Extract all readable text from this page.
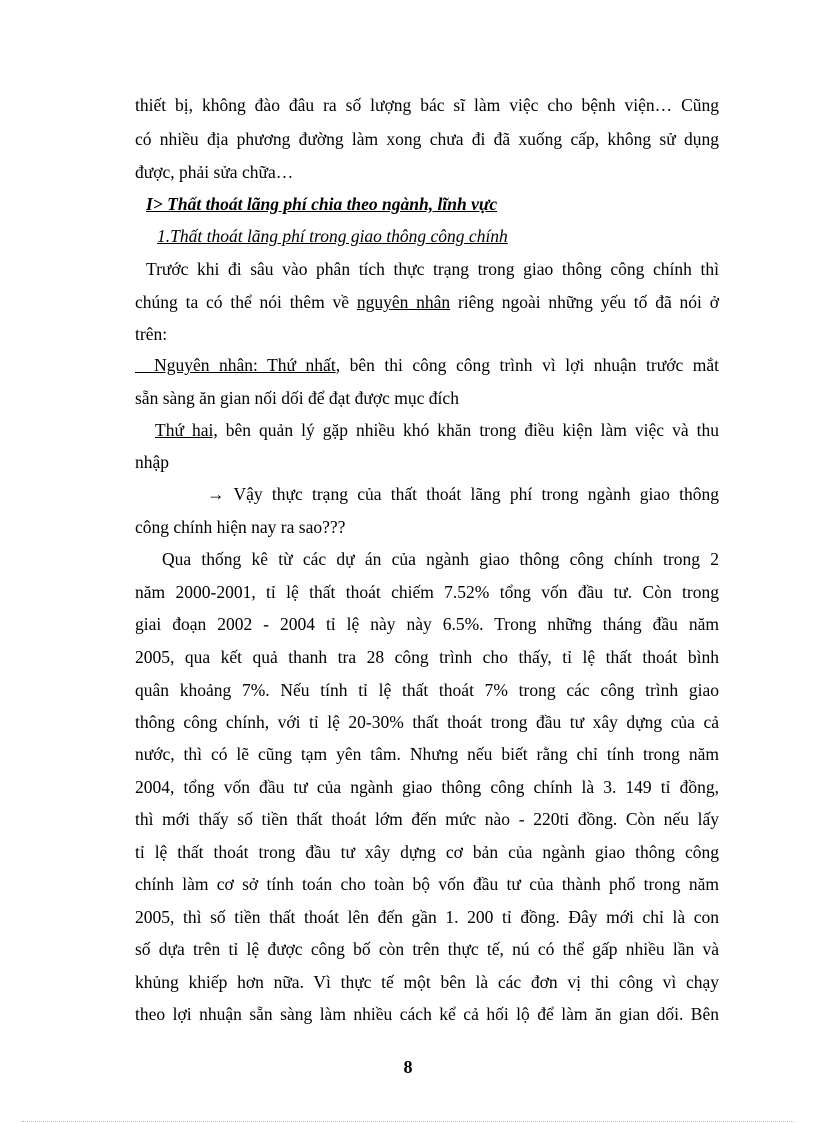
thiết bị, không đào đâu ra số lượng bác sĩ làm việc cho bệnh viện… Cũng
có nhiều địa phương đường làm xong chưa đi đã xuống cấp, không sử dụng
được, phải sửa chữa…
I> Thất thoát lãng phí chia theo ngành, lĩnh vực
1.Thất thoát lãng phí trong giao thông công chính
Trước khi đi sâu vào phân tích thực trạng trong giao thông công chính thì
chúng ta có thể nói thêm về nguyên nhân riêng ngoài những yếu tố đã nói ở
trên:
Nguyên nhân: Thứ nhất, bên thi công công trình vì lợi nhuận trước mắt
sẵn sàng ăn gian nối dối để đạt được mục đích
Thứ hai, bên quản lý gặp nhiều khó khăn trong điều kiện làm việc và thu
nhập
→ Vậy thực trạng của thất thoát lãng phí trong ngành giao thông
công chính hiện nay ra sao???
Qua thống kê từ các dự án của ngành giao thông công chính trong 2
năm 2000-2001, tỉ lệ thất thoát chiếm 7.52% tổng vốn đầu tư. Còn trong
giai đoạn 2002 - 2004 tỉ lệ này này 6.5%. Trong những tháng đầu năm
2005, qua kết quả thanh tra 28 công trình cho thấy, tỉ lệ thất thoát bình
quân khoảng 7%. Nếu tính tỉ lệ thất thoát 7% trong các công trình giao
thông công chính, với tỉ lệ 20-30% thất thoát trong đầu tư xây dựng của cả
nước, thì có lẽ cũng tạm yên tâm. Nhưng nếu biết rằng chỉ tính trong năm
2004, tổng vốn đầu tư của ngành giao thông công chính là 3. 149 tỉ đồng,
thì mới thấy số tiền thất thoát lớm đến mức nào - 220tỉ đồng. Còn nếu lấy
tỉ lệ thất thoát trong đầu tư xây dựng cơ bản của ngành giao thông công
chính làm cơ sở tính toán cho toàn bộ vốn đầu tư của thành phố trong năm
2005, thì số tiền thất thoát lên đến gần 1. 200 tỉ đồng. Đây mới chỉ là con
số dựa trên tỉ lệ được công bố còn trên thực tế, nú có thể gấp nhiều lần và
khủng khiếp hơn nữa. Vì thực tế một bên là các đơn vị thi công vì chạy
theo lợi nhuận sẵn sàng làm nhiều cách kể cả hối lộ để làm ăn gian dối. Bên
8
